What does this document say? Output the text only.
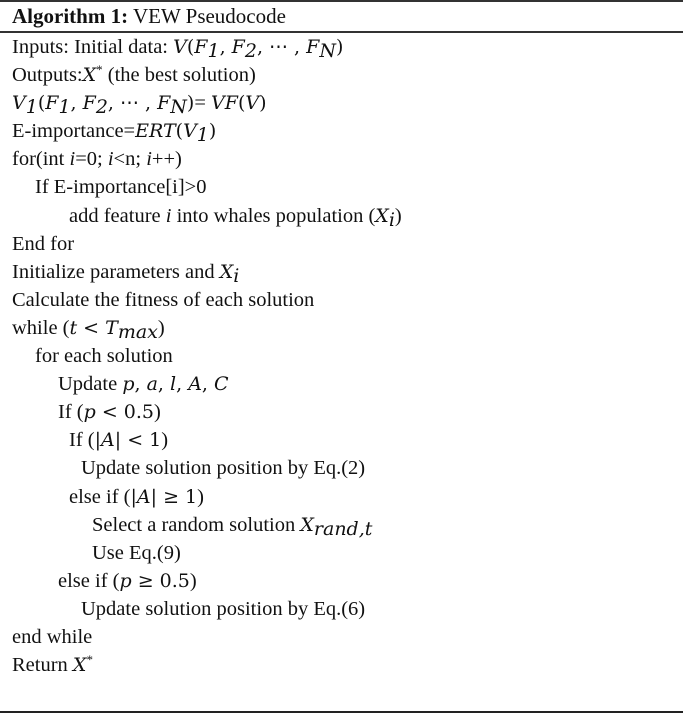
Algorithm 1: VEW Pseudocode
Inputs: Initial data: $V(F_1$, $F_2$, ⋯ , $F_N$)
Outputs:X* (the best solution)
$V_1(F_1$, $F_2$, ⋯ , $F_N)= VF(V)$
$E-importance=ERT(V_1)$
for(int i=0; i<n; i++)
If E-importance[i]>0
add feature i into whales population $(X_i)$
End for
Initialize parameters and $X_i$
Calculate the fitness of each solution
while $(t < T_{max})$
for each solution
Update p, a, l, A, C
If (p < 0.5)
If (|A| < 1)
Update solution position by Eq.(2)
else if (|A| ≥ 1)
Select a random solution $X_{rand,t}$
Use Eq.(9)
else if (p ≥ 0.5)
Update solution position by Eq.(6)
end while
Return X*
